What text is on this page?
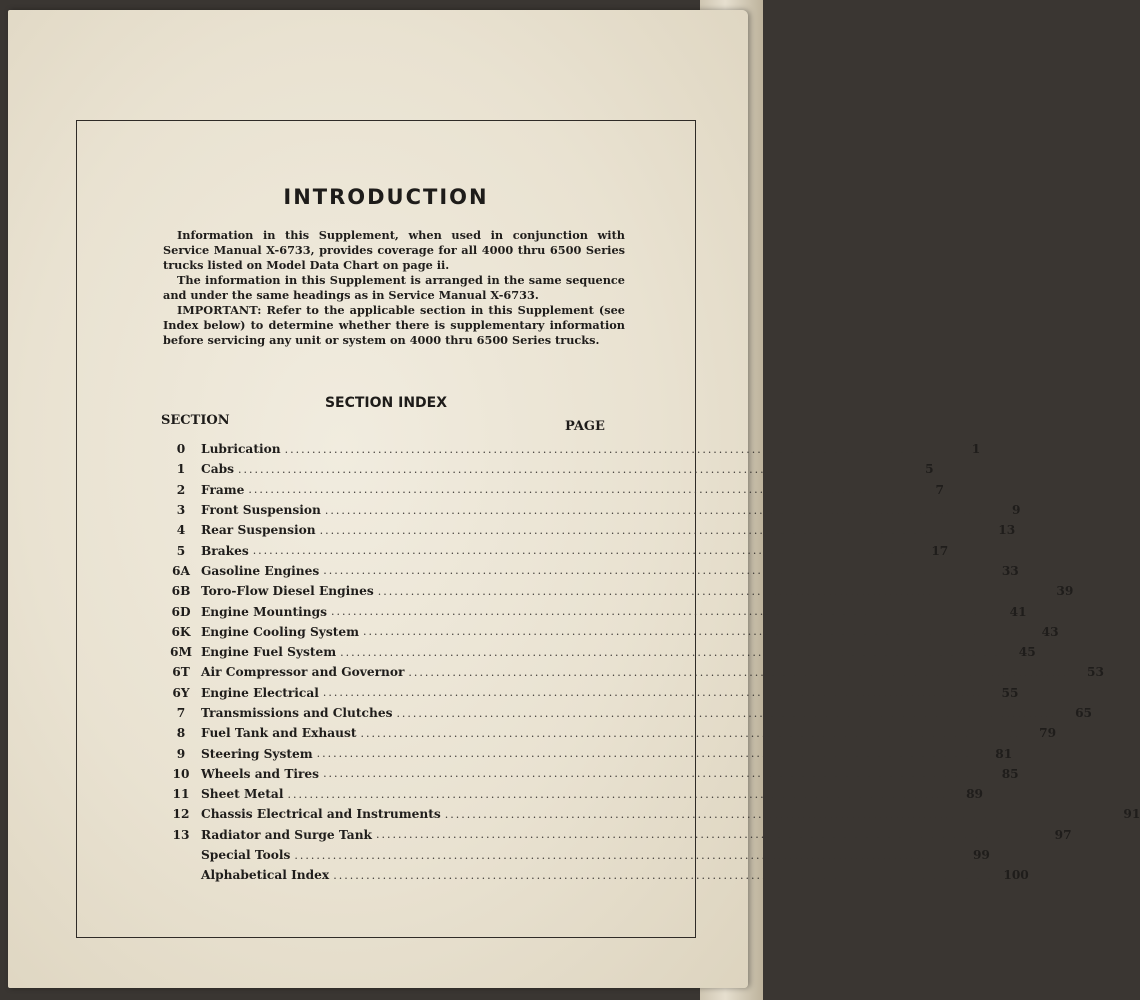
INTRODUCTION

Information in this Supplement, when used in conjunction with Service Manual X-6733, provides coverage for all 4000 thru 6500 Series trucks listed on Model Data Chart on page ii.

The information in this Supplement is arranged in the same sequence and under the same headings as in Service Manual X-6733.

IMPORTANT: Refer to the applicable section in this Supplement (see Index below) to determine whether there is supplementary information before servicing any unit or system on 4000 thru 6500 Series trucks.

SECTION INDEX
SECTION	PAGE
0	Lubrication ........................................................................................................................	1
1	Cabs ........................................................................................................................	5
2	Frame ........................................................................................................................	7
3	Front Suspension ........................................................................................................................	9
4	Rear Suspension ........................................................................................................................	13
5	Brakes ........................................................................................................................	17
6A Gasoline Engines ........................................................................................................................	33
6B Toro-Flow Diesel Engines ........................................................................................................................	39
6D Engine Mountings ........................................................................................................................	41
6K Engine Cooling System ........................................................................................................................	43
6M Engine Fuel System ........................................................................................................................	45
6T Air Compressor and Governor ........................................................................................................................	53
6Y Engine Electrical ........................................................................................................................	55
7	Transmissions and Clutches ........................................................................................................................	65
8	Fuel Tank and Exhaust ........................................................................................................................	79
9	Steering System ........................................................................................................................	81
10 Wheels and Tires ........................................................................................................................	85
11 Sheet Metal ........................................................................................................................	89
12 Chassis Electrical and Instruments ........................................................................................................................	91
13 Radiator and Surge Tank ........................................................................................................................	97
Special Tools ........................................................................................................................	99
Alphabetical Index ........................................................................................................................ 100
